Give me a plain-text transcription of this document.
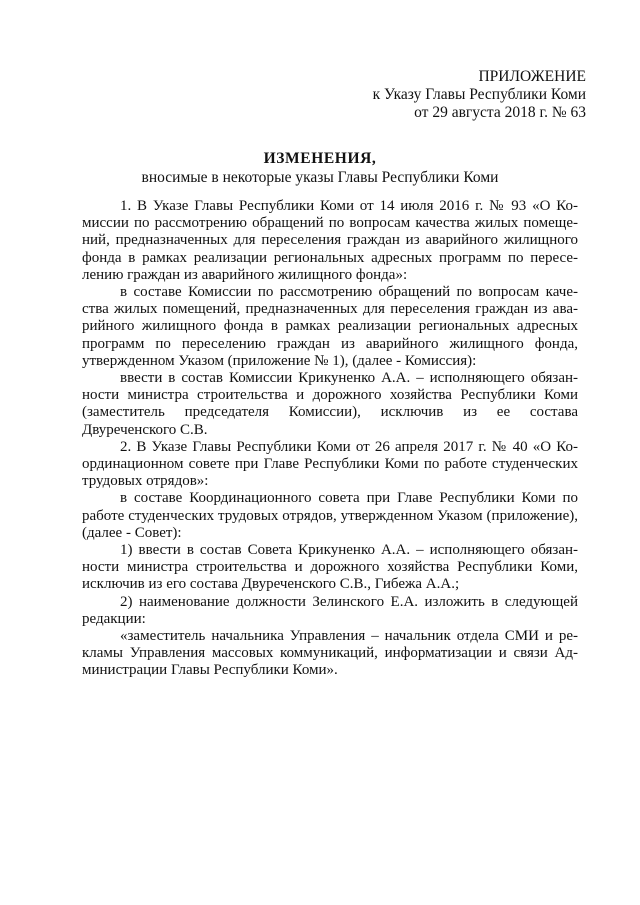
ПРИЛОЖЕНИЕ
к Указу Главы Республики Коми
от 29 августа 2018 г. № 63
ИЗМЕНЕНИЯ,
вносимые в некоторые указы Главы Республики Коми

1. В Указе Главы Республики Коми от 14 июля 2016 г. № 93 «О Комиссии по рассмотрению обращений по вопросам качества жилых помещений, предназначенных для переселения граждан из аварийного жилищного фонда в рамках реализации региональных адресных программ по переселению граждан из аварийного жилищного фонда»:

в составе Комиссии по рассмотрению обращений по вопросам качества жилых помещений, предназначенных для переселения граждан из аварийного жилищного фонда в рамках реализации региональных адресных программ по переселению граждан из аварийного жилищного фонда, утвержденном Указом (приложение № 1), (далее - Комиссия):

ввести в состав Комиссии Крикуненко А.А. – исполняющего обязанности министра строительства и дорожного хозяйства Республики Коми (заместитель председателя Комиссии), исключив из ее состава Двуреченского С.В.

2. В Указе Главы Республики Коми от 26 апреля 2017 г. № 40 «О Координационном совете при Главе Республики Коми по работе студенческих трудовых отрядов»:

в составе Координационного совета при Главе Республики Коми по работе студенческих трудовых отрядов, утвержденном Указом (приложение), (далее - Совет):

1) ввести в состав Совета Крикуненко А.А. – исполняющего обязанности министра строительства и дорожного хозяйства Республики Коми, исключив из его состава Двуреченского С.В., Гибежа А.А.;

2) наименование должности Зелинского Е.А. изложить в следующей редакции:

«заместитель начальника Управления – начальник отдела СМИ и рекламы Управления массовых коммуникаций, информатизации и связи Администрации Главы Республики Коми».
